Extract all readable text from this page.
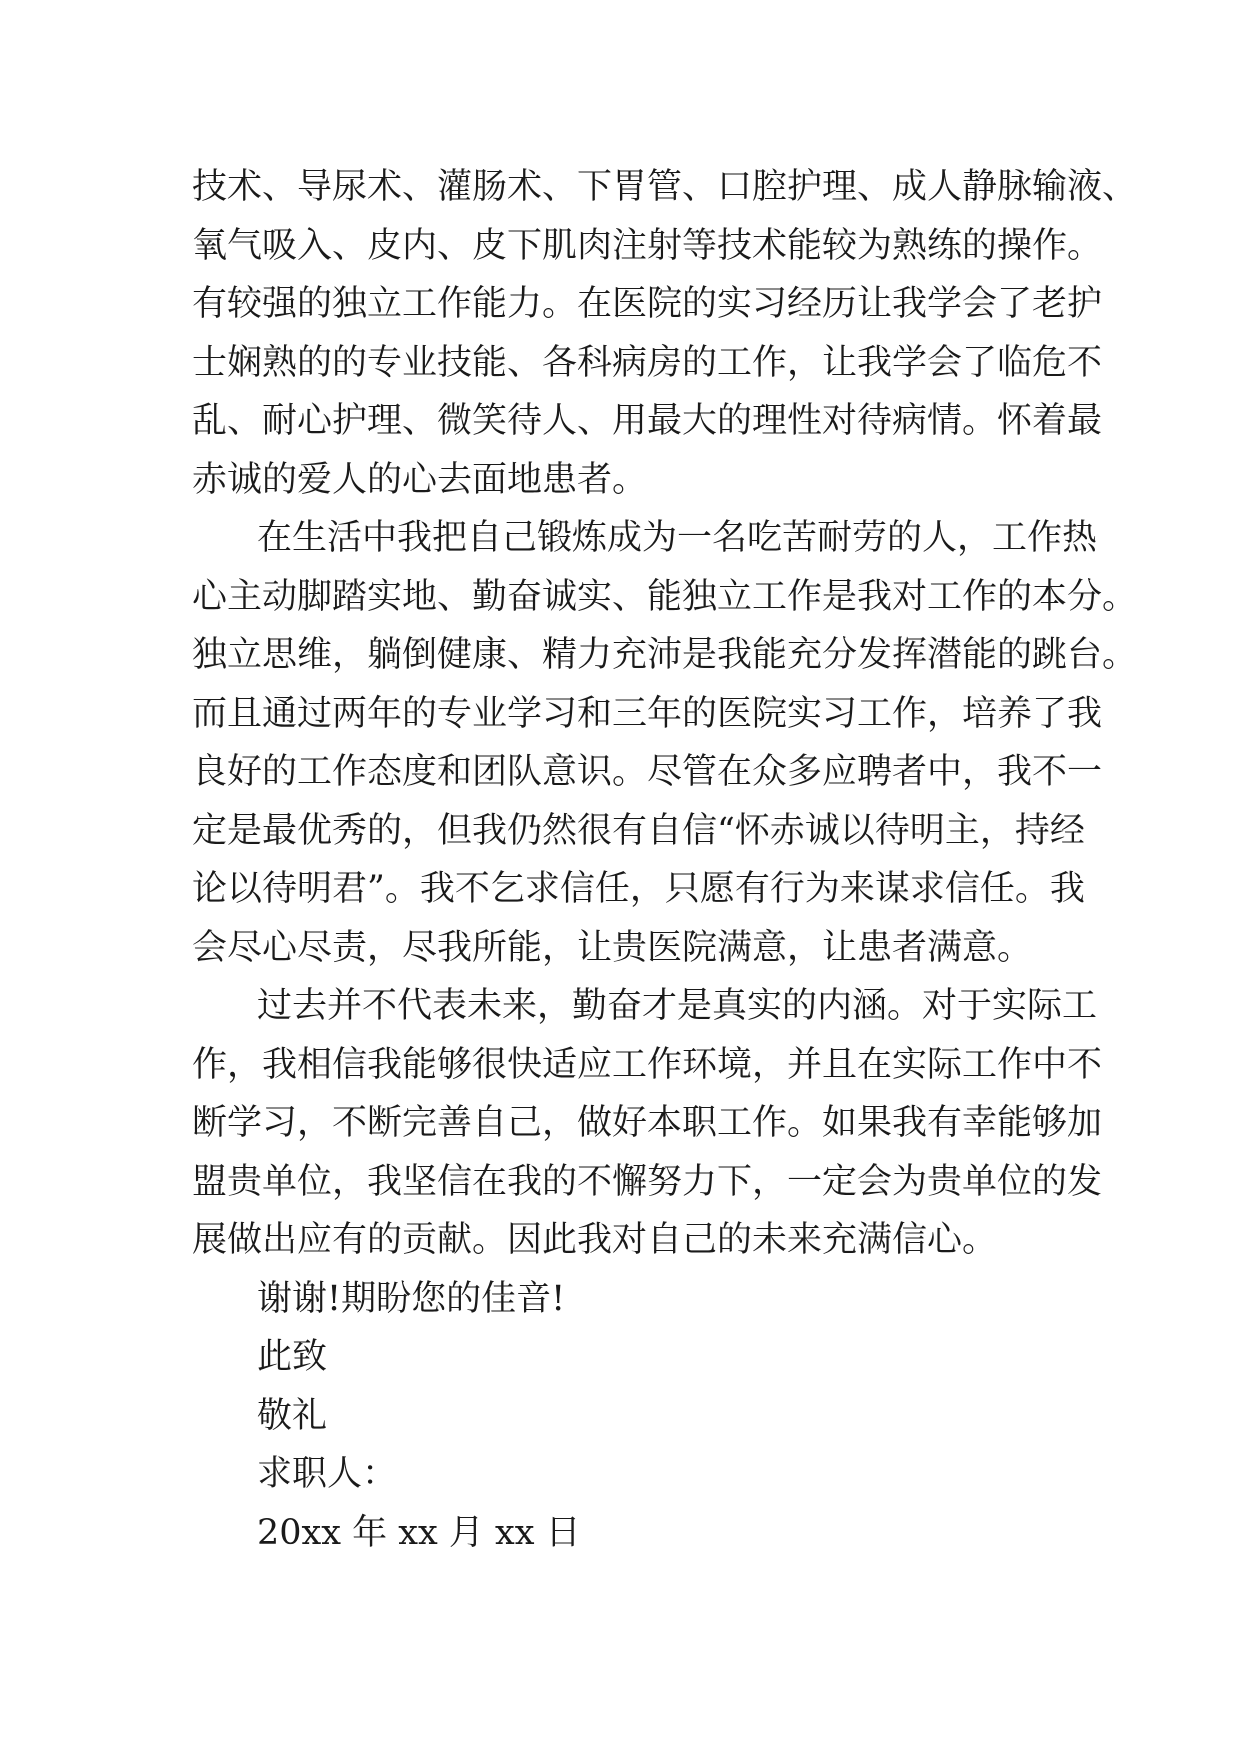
技术、导尿术、灌肠术、下胃管、口腔护理、成人静脉输液、
氧气吸入、皮内、皮下肌肉注射等技术能较为熟练的操作。
有较强的独立工作能力。在医院的实习经历让我学会了老护
士娴熟的的专业技能、各科病房的工作，让我学会了临危不
乱、耐心护理、微笑待人、用最大的理性对待病情。怀着最
赤诚的爱人的心去面地患者。
在生活中我把自己锻炼成为一名吃苦耐劳的人，工作热
心主动脚踏实地、勤奋诚实、能独立工作是我对工作的本分。
独立思维，躺倒健康、精力充沛是我能充分发挥潜能的跳台。
而且通过两年的专业学习和三年的医院实习工作，培养了我
良好的工作态度和团队意识。尽管在众多应聘者中，我不一
定是最优秀的，但我仍然很有自信“怀赤诚以待明主，持经
论以待明君”。我不乞求信任，只愿有行为来谋求信任。我
会尽心尽责，尽我所能，让贵医院满意，让患者满意。
过去并不代表未来，勤奋才是真实的内涵。对于实际工
作，我相信我能够很快适应工作环境，并且在实际工作中不
断学习，不断完善自己，做好本职工作。如果我有幸能够加
盟贵单位，我坚信在我的不懈努力下，一定会为贵单位的发
展做出应有的贡献。因此我对自己的未来充满信心。
谢谢!期盼您的佳音!
此致
敬礼
求职人：
20xx 年 xx 月 xx 日
